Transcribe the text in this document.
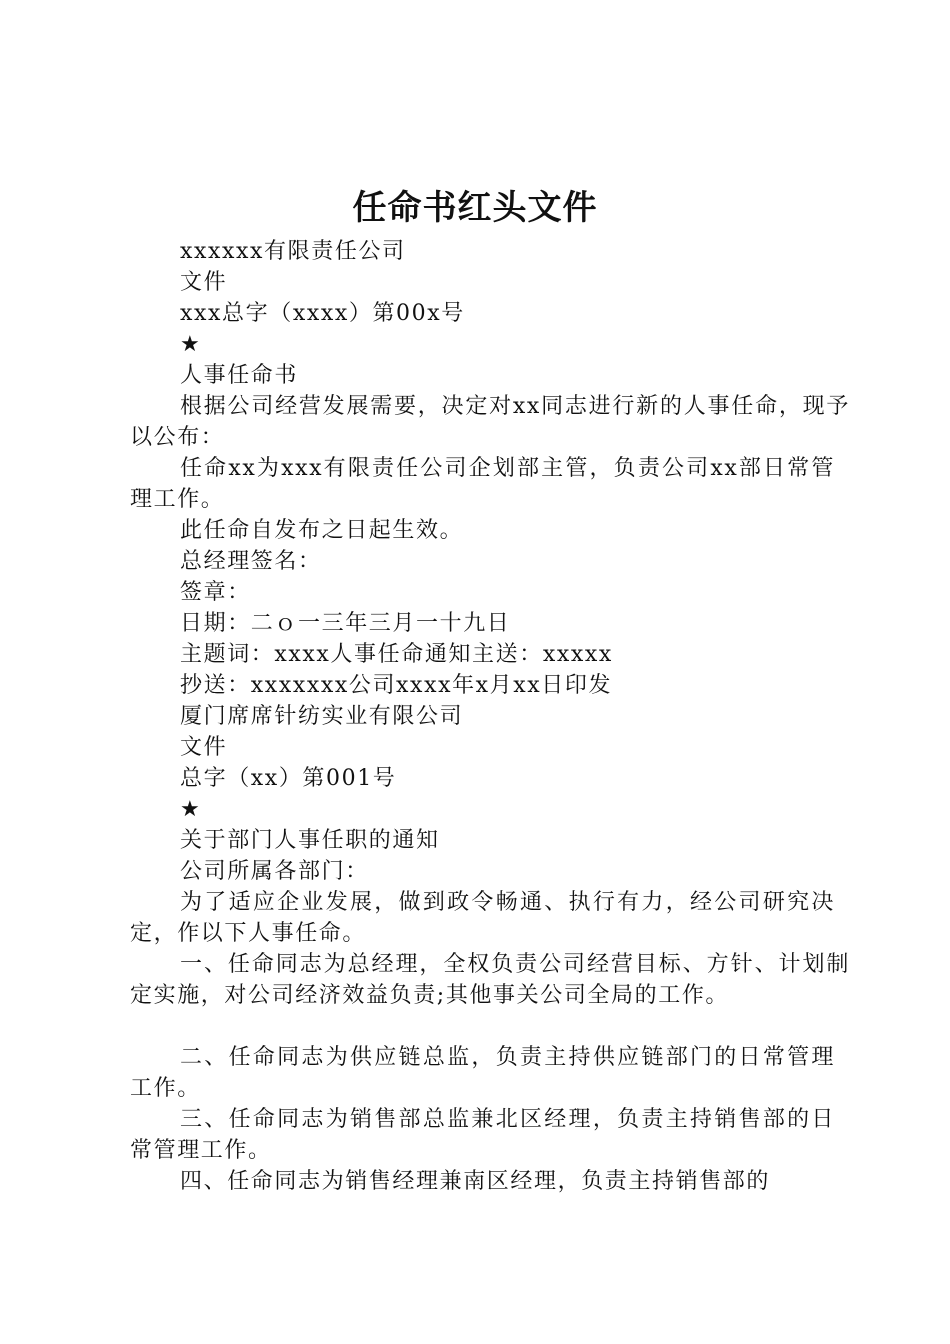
任命书红头文件
xxxxxx有限责任公司
文件
xxx总字（xxxx）第00x号
★
人事任命书
根据公司经营发展需要，决定对xx同志进行新的人事任命，现予以公布：
任命xx为xxx有限责任公司企划部主管，负责公司xx部日常管理工作。
此任命自发布之日起生效。
总经理签名：
签章：
日期：二ｏ一三年三月一十九日
主题词：xxxx人事任命通知主送：xxxxx
抄送：xxxxxxx公司xxxx年x月xx日印发
厦门席席针纺实业有限公司
文件
总字（xx）第001号
★
关于部门人事任职的通知
公司所属各部门：
为了适应企业发展，做到政令畅通、执行有力，经公司研究决定，作以下人事任命。
一、任命同志为总经理，全权负责公司经营目标、方针、计划制定实施，对公司经济效益负责;其他事关公司全局的工作。
二、任命同志为供应链总监，负责主持供应链部门的日常管理工作。
三、任命同志为销售部总监兼北区经理，负责主持销售部的日常管理工作。
四、任命同志为销售经理兼南区经理，负责主持销售部的
